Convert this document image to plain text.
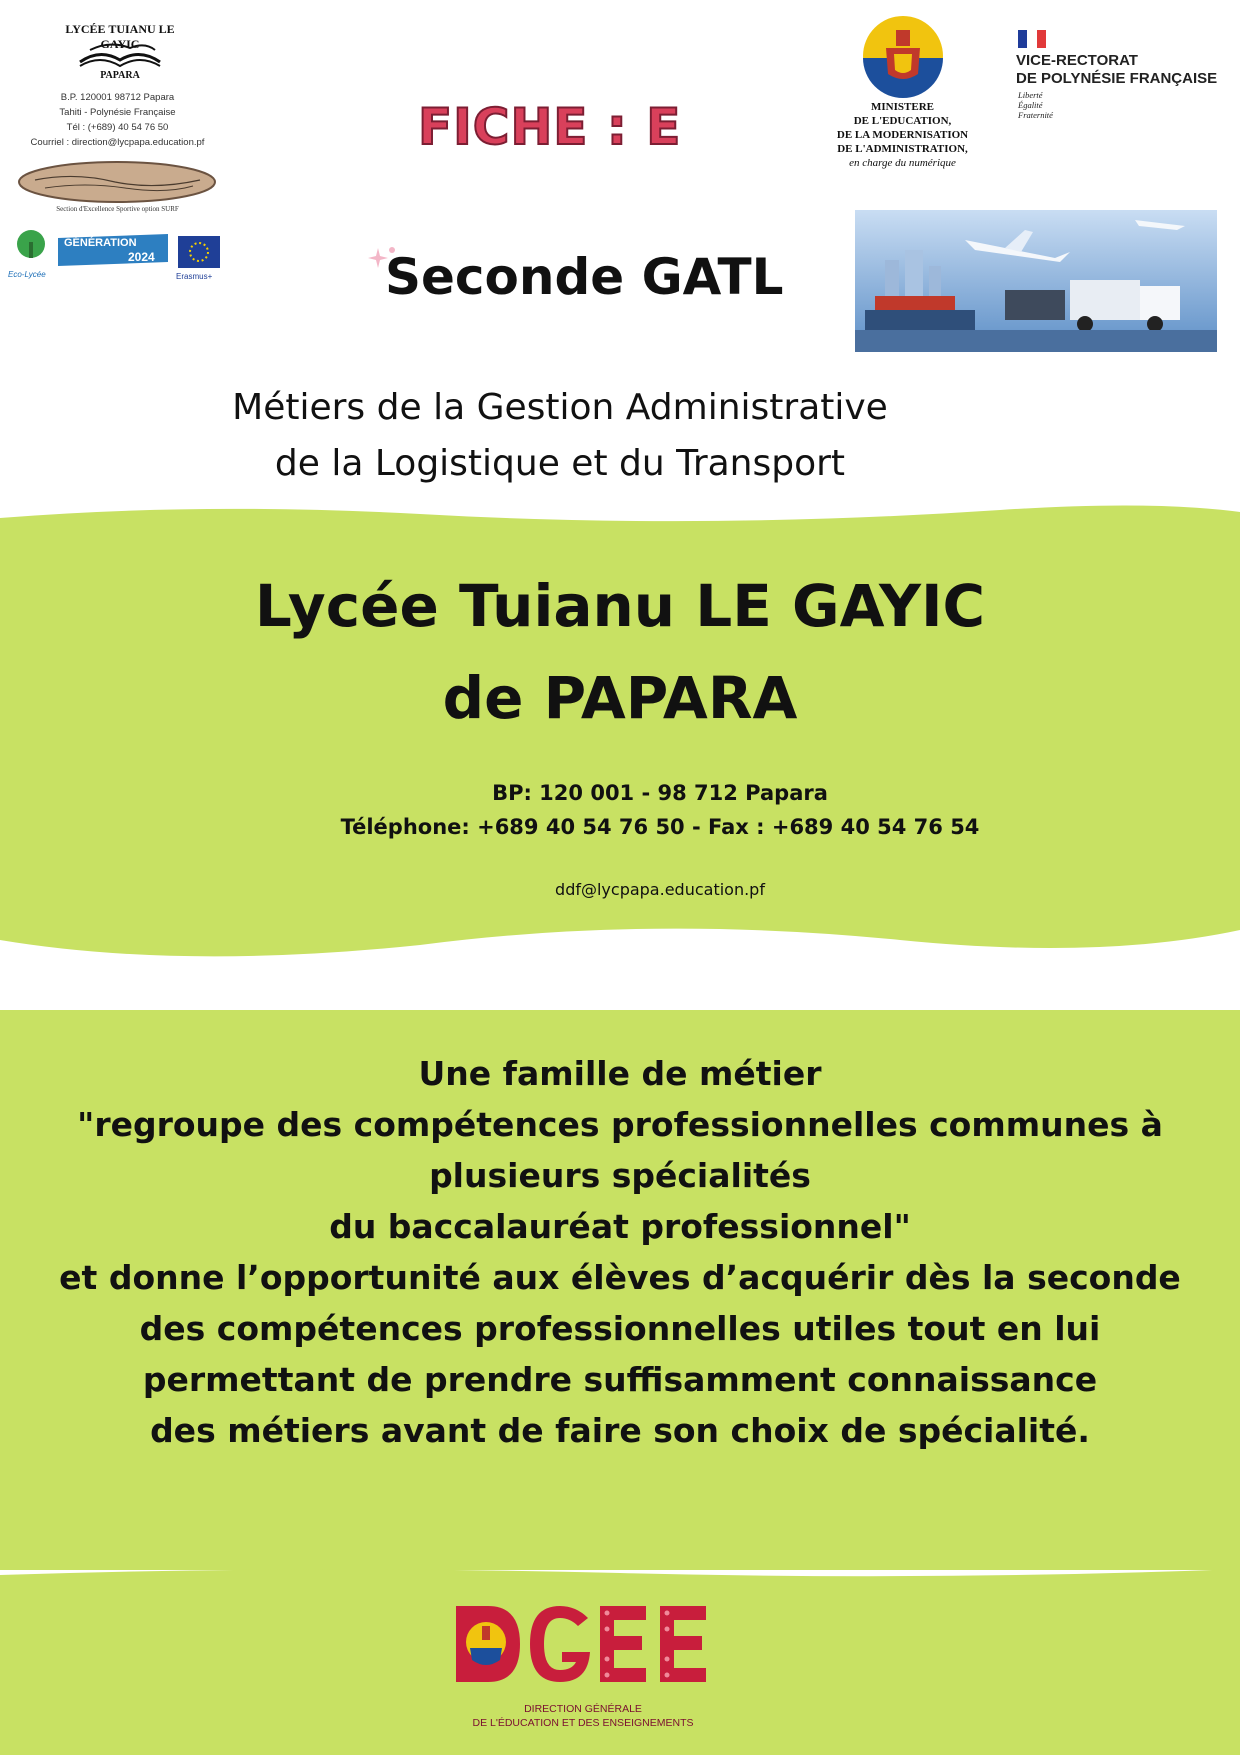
LYCÉE TUIANU LE GAYIC
PAPARA
B.P. 120001 98712 Papara
Tahiti - Polynésie Française
Tél : (+689) 40 54 76 50
Courriel : direction@lycpapa.education.pf
Section d'Excellence Sportive option SURF
Eco-Lycée
GÉNÉRATION
2024
Erasmus+
FICHE : E	MINISTERE
DE L'EDUCATION,
DE LA MODERNISATION
DE L'ADMINISTRATION,
en charge du numérique
VICE-RECTORAT
DE POLYNÉSIE FRANÇAISE
Liberté
Égalité
Fraternité
Seconde GATL
Métiers de la Gestion Administrative
de la Logistique et du Transport
Lycée Tuianu LE GAYIC
de PAPARA
BP: 120 001 - 98 712 Papara
Téléphone: +689 40 54 76 50 - Fax : +689 40 54 76 54
ddf@lycpapa.education.pf
Une famille de métier
"regroupe des compétences professionnelles communes à
plusieurs spécialités
du baccalauréat professionnel"
et donne l’opportunité aux élèves d’acquérir dès la seconde
des compétences professionnelles utiles tout en lui
permettant de prendre suffisamment connaissance
des métiers avant de faire son choix de spécialité.
DIRECTION GÉNÉRALE
DE L'ÉDUCATION ET DES ENSEIGNEMENTS
